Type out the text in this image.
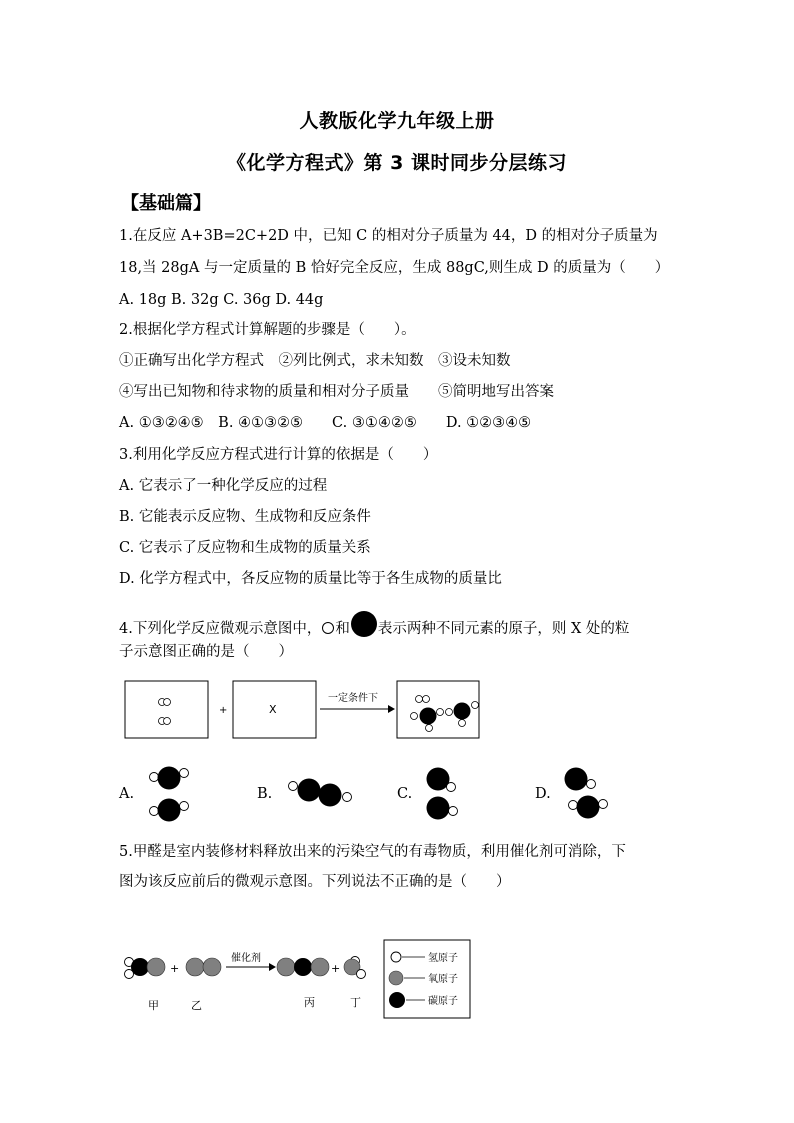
人教版化学九年级上册
《化学方程式》第 3 课时同步分层练习
【基础篇】
1.在反应 A+3B=2C+2D 中，已知 C 的相对分子质量为 44，D 的相对分子质量为
18,当 28gA 与一定质量的 B 恰好完全反应，生成 88gC,则生成 D 的质量为（　　）
A. 18g B. 32g C. 36g D. 44g
2.根据化学方程式计算解题的步骤是（　　）。
①正确写出化学方程式　②列比例式，求未知数　③设未知数
④写出已知物和待求物的质量和相对分子质量　　⑤简明地写出答案
A. ①③②④⑤　B. ④①③②⑤　　C. ③①④②⑤　　D. ①②③④⑤
3.利用化学反应方程式进行计算的依据是（　　）
A. 它表示了一种化学反应的过程
B. 它能表示反应物、生成物和反应条件
C. 它表示了反应物和生成物的质量关系
D. 化学方程式中，各反应物的质量比等于各生成物的质量比
4.下列化学反应微观示意图中， 和 表示两种不同元素的原子，则 X 处的粒
子示意图正确的是（　　）
+	X
一定条件下
+
催化剂
+
甲	乙	丙	丁
氢原子
氧原子
碳原子
A.	B.	C.	D.
5.甲醛是室内装修材料释放出来的污染空气的有毒物质，利用催化剂可消除，下
图为该反应前后的微观示意图。下列说法不正确的是（　　）
